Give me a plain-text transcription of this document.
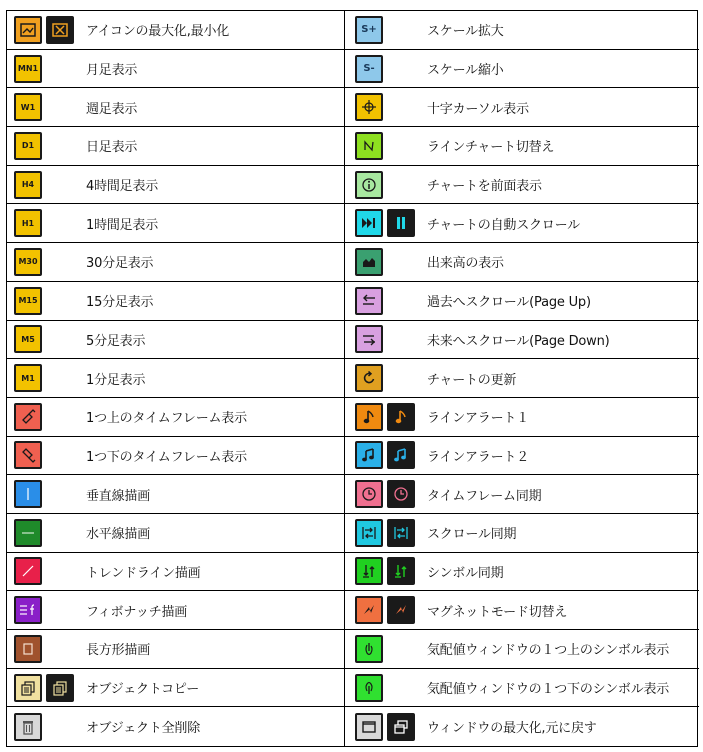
アイコンの最大化,最小化	S+	スケール拡大
MN1	月足表示	S-	スケール縮小
W1	週足表示	十字カーソル表示
D1	日足表示	ラインチャート切替え
H4	4時間足表示	チャートを前面表示
H1	1時間足表示	チャートの自動スクロール
M30	30分足表示	出来高の表示
M15	15分足表示	過去へスクロール(Page Up)
M5	5分足表示	未来へスクロール(Page Down)
M1	1分足表示	チャートの更新
1つ上のタイムフレーム表示	ラインアラート１
1つ下のタイムフレーム表示	ラインアラート２
垂直線描画	タイムフレーム同期
水平線描画	スクロール同期
トレンドライン描画	シンボル同期
フィボナッチ描画	マグネットモード切替え
長方形描画	気配値ウィンドウの１つ上のシンボル表示
オブジェクトコピー	気配値ウィンドウの１つ下のシンボル表示
オブジェクト全削除	ウィンドウの最大化,元に戻す
